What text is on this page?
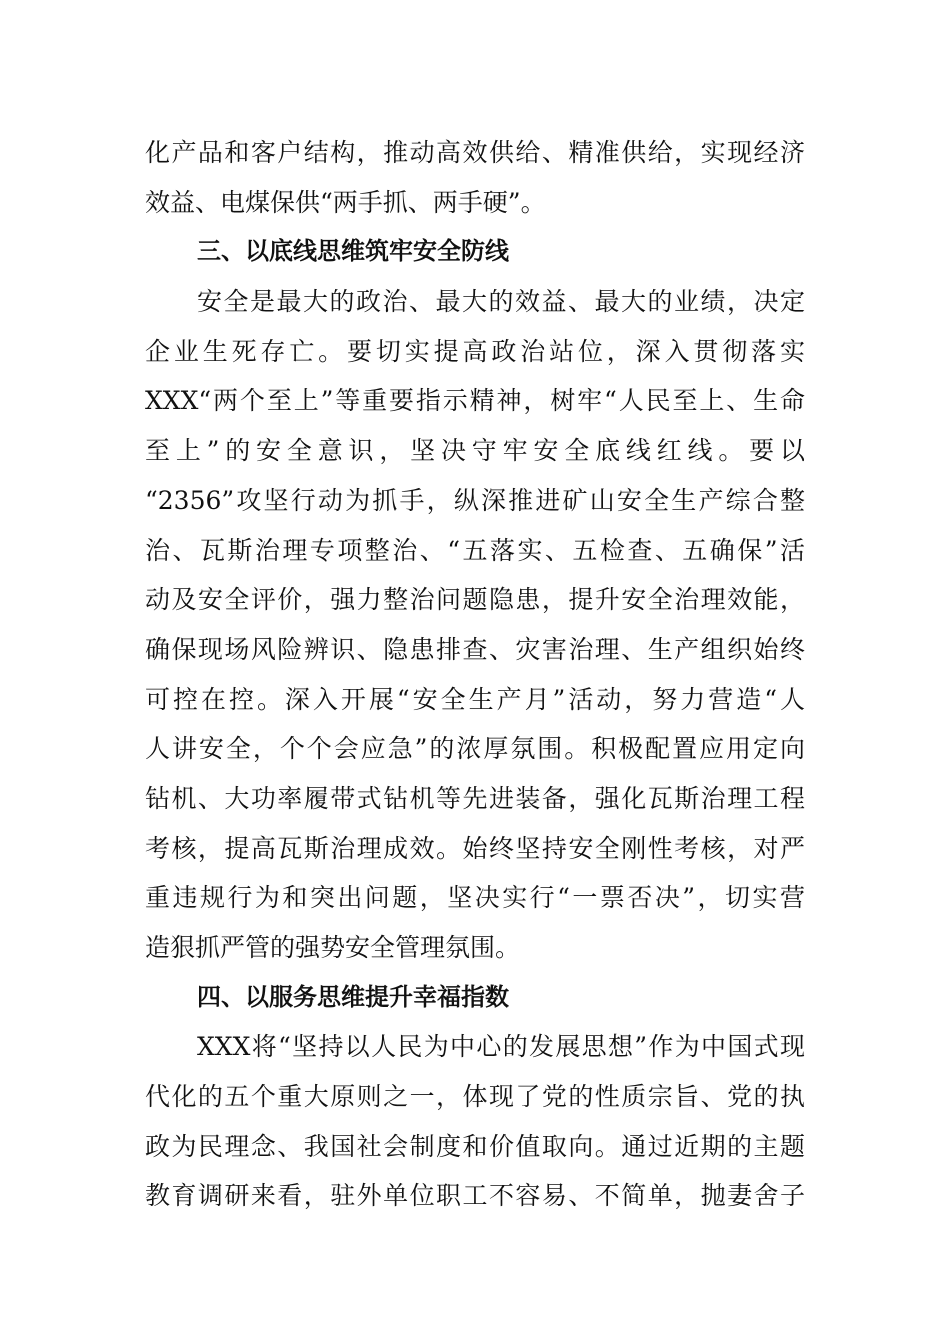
化产品和客户结构，推动高效供给、精准供给，实现经济
效益、电煤保供“两手抓、两手硬”。
三、以底线思维筑牢安全防线
安全是最大的政治、最大的效益、最大的业绩，决定
企业生死存亡。要切实提高政治站位，深入贯彻落实
XXX“两个至上”等重要指示精神，树牢“人民至上、生命
至上”的安全意识，坚决守牢安全底线红线。要以
“2356”攻坚行动为抓手，纵深推进矿山安全生产综合整
治、瓦斯治理专项整治、“五落实、五检查、五确保”活
动及安全评价，强力整治问题隐患，提升安全治理效能，
确保现场风险辨识、隐患排查、灾害治理、生产组织始终
可控在控。深入开展“安全生产月”活动，努力营造“人
人讲安全，个个会应急”的浓厚氛围。积极配置应用定向
钻机、大功率履带式钻机等先进装备，强化瓦斯治理工程
考核，提高瓦斯治理成效。始终坚持安全刚性考核，对严
重违规行为和突出问题，坚决实行“一票否决”，切实营
造狠抓严管的强势安全管理氛围。
四、以服务思维提升幸福指数
XXX将“坚持以人民为中心的发展思想”作为中国式现
代化的五个重大原则之一，体现了党的性质宗旨、党的执
政为民理念、我国社会制度和价值取向。通过近期的主题
教育调研来看，驻外单位职工不容易、不简单，抛妻舍子
